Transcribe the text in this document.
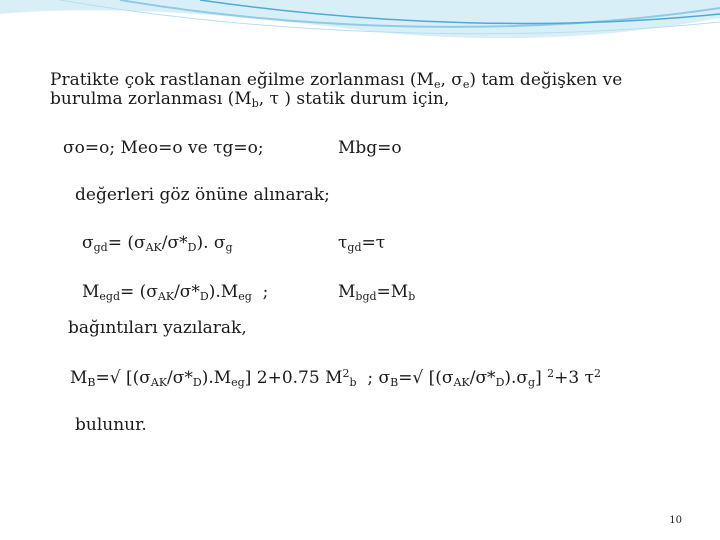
Pratikte çok rastlanan eğilme zorlanması ($M_e$, $\sigma_e$) tam değişken ve
burulma zorlanması ($M_b$, τ ) statik durum için,
σo=o; Meo=o ve τg=o;	Mbg=o
değerleri göz önüne alınarak;
$\sigma_{gd}= (\sigma_{AK}/\sigma*_D)$. $\sigma_g$	$\tau_{gd}=\tau$
$M_{egd}= (\sigma_{AK}/\sigma*_D).M_{eg}$  ;	$M_{bgd}=M_b$
bağıntıları yazılarak,
$M_B=√$ $[(\sigma_{AK}/\sigma*_D).M_{eg}]$ 2+0.75 $M^2_b$  ; $\sigma_B=√$ $[(\sigma_{AK}/\sigma*_D).\sigma_g]$ $^2$+3 $\tau^2$
bulunur.
10
